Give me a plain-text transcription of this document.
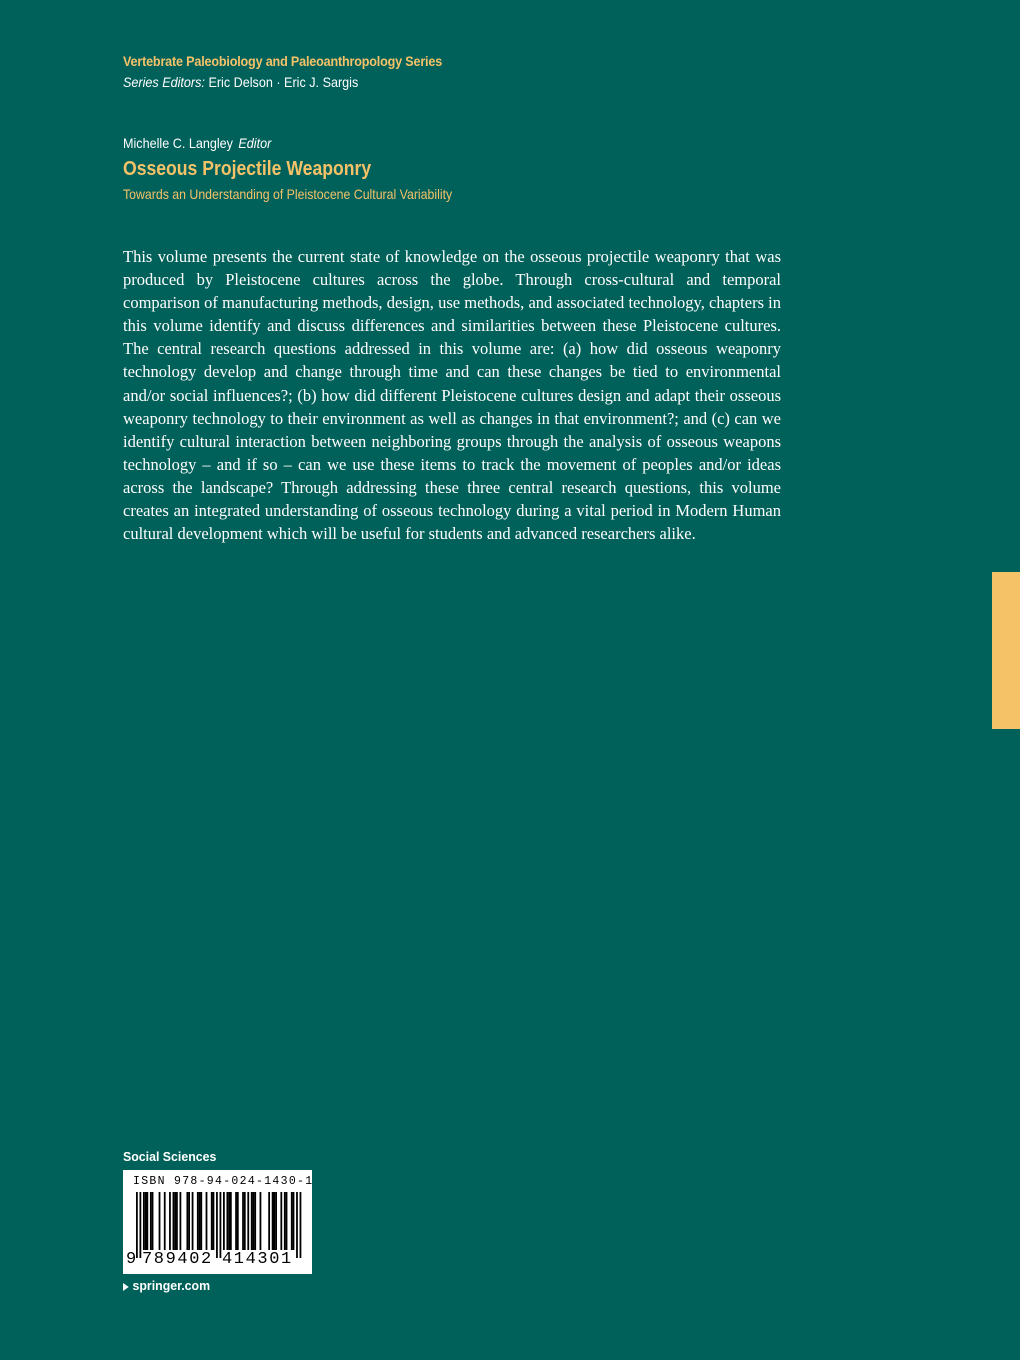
Vertebrate Paleobiology and Paleoanthropology Series
Series Editors: Eric Delson · Eric J. Sargis
Michelle C. Langley Editor
Osseous Projectile Weaponry
Towards an Understanding of Pleistocene Cultural Variability

This volume presents the current state of knowledge on the osseous projectile weaponry that was produced by Pleistocene cultures across the globe. Through cross-cultural and temporal comparison of manufacturing methods, design, use methods, and associated technology, chapters in this volume identify and discuss differences and similarities between these Pleistocene cultures. The central research questions addressed in this volume are: (a) how did osseous weaponry technology develop and change through time and can these changes be tied to environmental and/or social influences?; (b) how did different Pleistocene cultures design and adapt their osseous weaponry technology to their environment as well as changes in that environment?; and (c) can we identify cultural interaction between neighboring groups through the analysis of osseous weapons technology – and if so – can we use these items to track the movement of peoples and/or ideas across the landscape? Through addressing these three central research questions, this volume creates an integrated understanding of osseous technology during a vital period in Modern Human cultural development which will be useful for students and advanced researchers alike.

Social Sciences
ISBN 978-94-024-1430-1
9 789402 414301
springer.com
